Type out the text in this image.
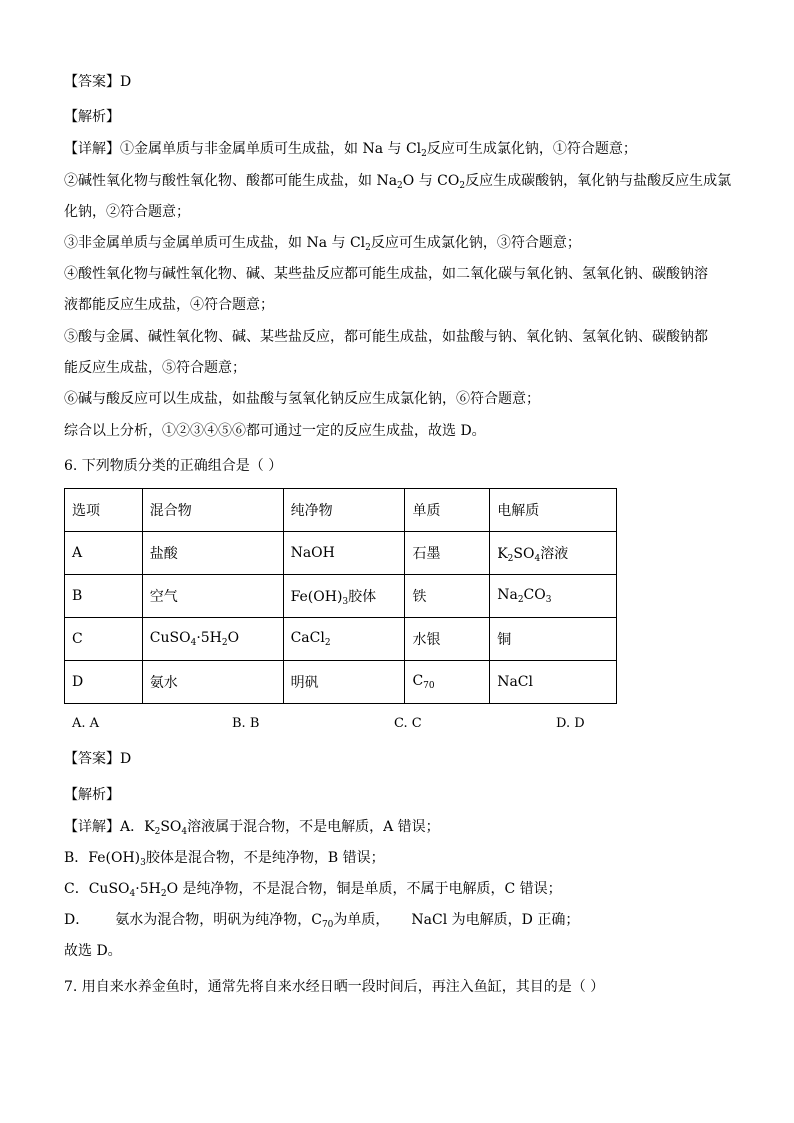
【答案】D
【解析】
【详解】①金属单质与非金属单质可生成盐，如 Na 与 $Cl_2$反应可生成氯化钠，①符合题意；
②碱性氧化物与酸性氧化物、酸都可能生成盐，如 $Na_2O$ 与 $CO_2$反应生成碳酸钠，氧化钠与盐酸反应生成氯
化钠，②符合题意；
③非金属单质与金属单质可生成盐，如 Na 与 $Cl_2$反应可生成氯化钠，③符合题意；
④酸性氧化物与碱性氧化物、碱、某些盐反应都可能生成盐，如二氧化碳与氧化钠、氢氧化钠、碳酸钠溶
液都能反应生成盐，④符合题意；
⑤酸与金属、碱性氧化物、碱、某些盐反应，都可能生成盐，如盐酸与钠、氧化钠、氢氧化钠、碳酸钠都
能反应生成盐，⑤符合题意；
⑥碱与酸反应可以生成盐，如盐酸与氢氧化钠反应生成氯化钠，⑥符合题意；
综合以上分析，①②③④⑤⑥都可通过一定的反应生成盐，故选 D。
6. 下列物质分类的正确组合是（ ）
选项	混合物	纯净物	单质	电解质
A	盐酸	NaOH	石墨	$K_2SO_4$溶液
B	空气	$Fe(OH)_3$胶体	铁	$Na_2CO_3$
C	$CuSO_4\cdot 5H_2O$	CaCl$_2$	水银	铜
D	氨水	明矾	$C_{70}$	NaCl
A. A	B. B	C. C	D. D
【答案】D
【解析】
【详解】A．$K_2SO_4$溶液属于混合物，不是电解质，A 错误；
B．$Fe(OH)_3$胶体是混合物，不是纯净物，B 错误；
C．$CuSO_4\cdot 5H_2O$ 是纯净物，不是混合物，铜是单质，不属于电解质，C 错误；
D． 氨水为混合物，明矾为纯净物，$C_{70}$为单质， NaCl 为电解质，D 正确；
故选 D。
7. 用自来水养金鱼时，通常先将自来水经日晒一段时间后，再注入鱼缸，其目的是（ ）
